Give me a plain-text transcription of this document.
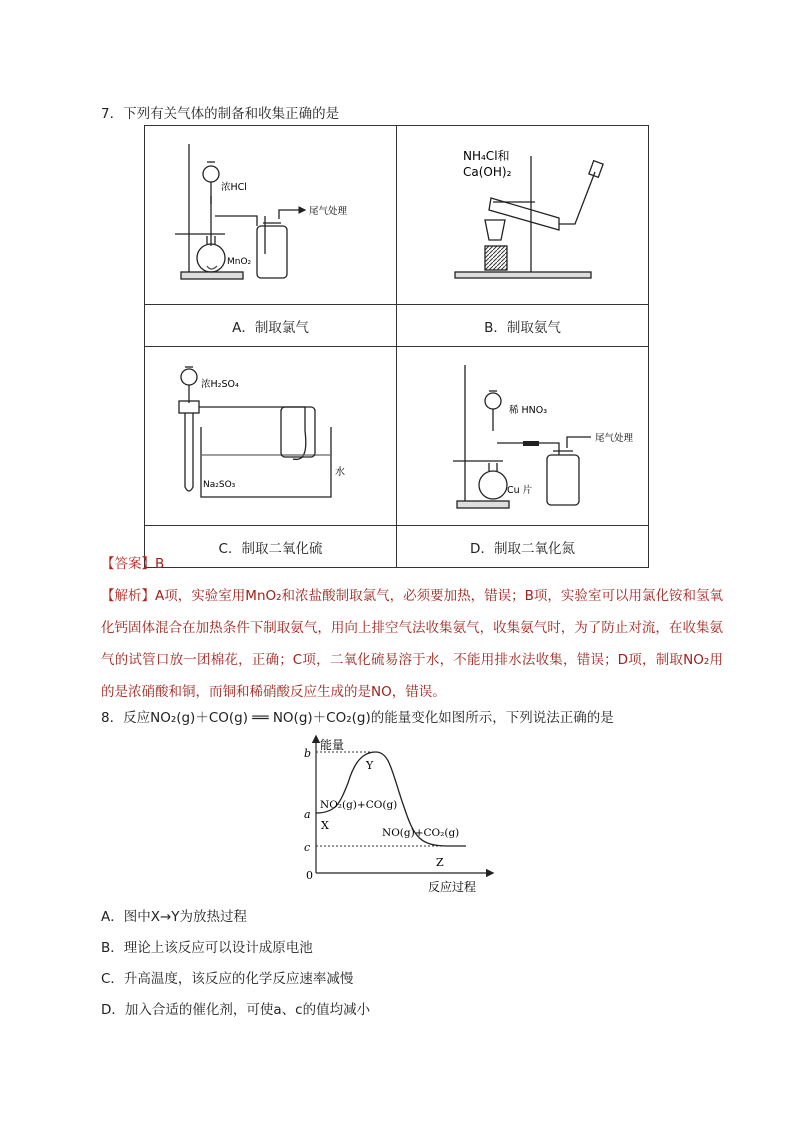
7．下列有关气体的制备和收集正确的是
浓HCl
MnO₂
尾气处理	NH₄Cl和
Ca(OH)₂

A．制取氯气	B．制取氨气

浓H₂SO₄
Na₂SO₃
水	稀 HNO₃
Cu 片
尾气处理

C．制取二氧化硫	D．制取二氧化氮
【答案】B
【解析】A项，实验室用MnO₂和浓盐酸制取氯气，必须要加热，错误；B项，实验室可以用氯化铵和氢氧化钙固体混合在加热条件下制取氨气，用向上排空气法收集氨气，收集氨气时，为了防止对流，在收集氨气的试管口放一团棉花，正确；C项，二氧化硫易溶于水，不能用排水法收集，错误；D项，制取NO₂用的是浓硝酸和铜，而铜和稀硝酸反应生成的是NO，错误。
8．反应NO₂(g)＋CO(g) ══ NO(g)＋CO₂(g)的能量变化如图所示，下列说法正确的是
能量
b
a
c
0
Y
X
Z
NO₂(g)+CO(g)
NO(g)+CO₂(g)
反应过程
A．图中X→Y为放热过程
B．理论上该反应可以设计成原电池
C．升高温度，该反应的化学反应速率减慢
D．加入合适的催化剂，可使a、c的值均减小
